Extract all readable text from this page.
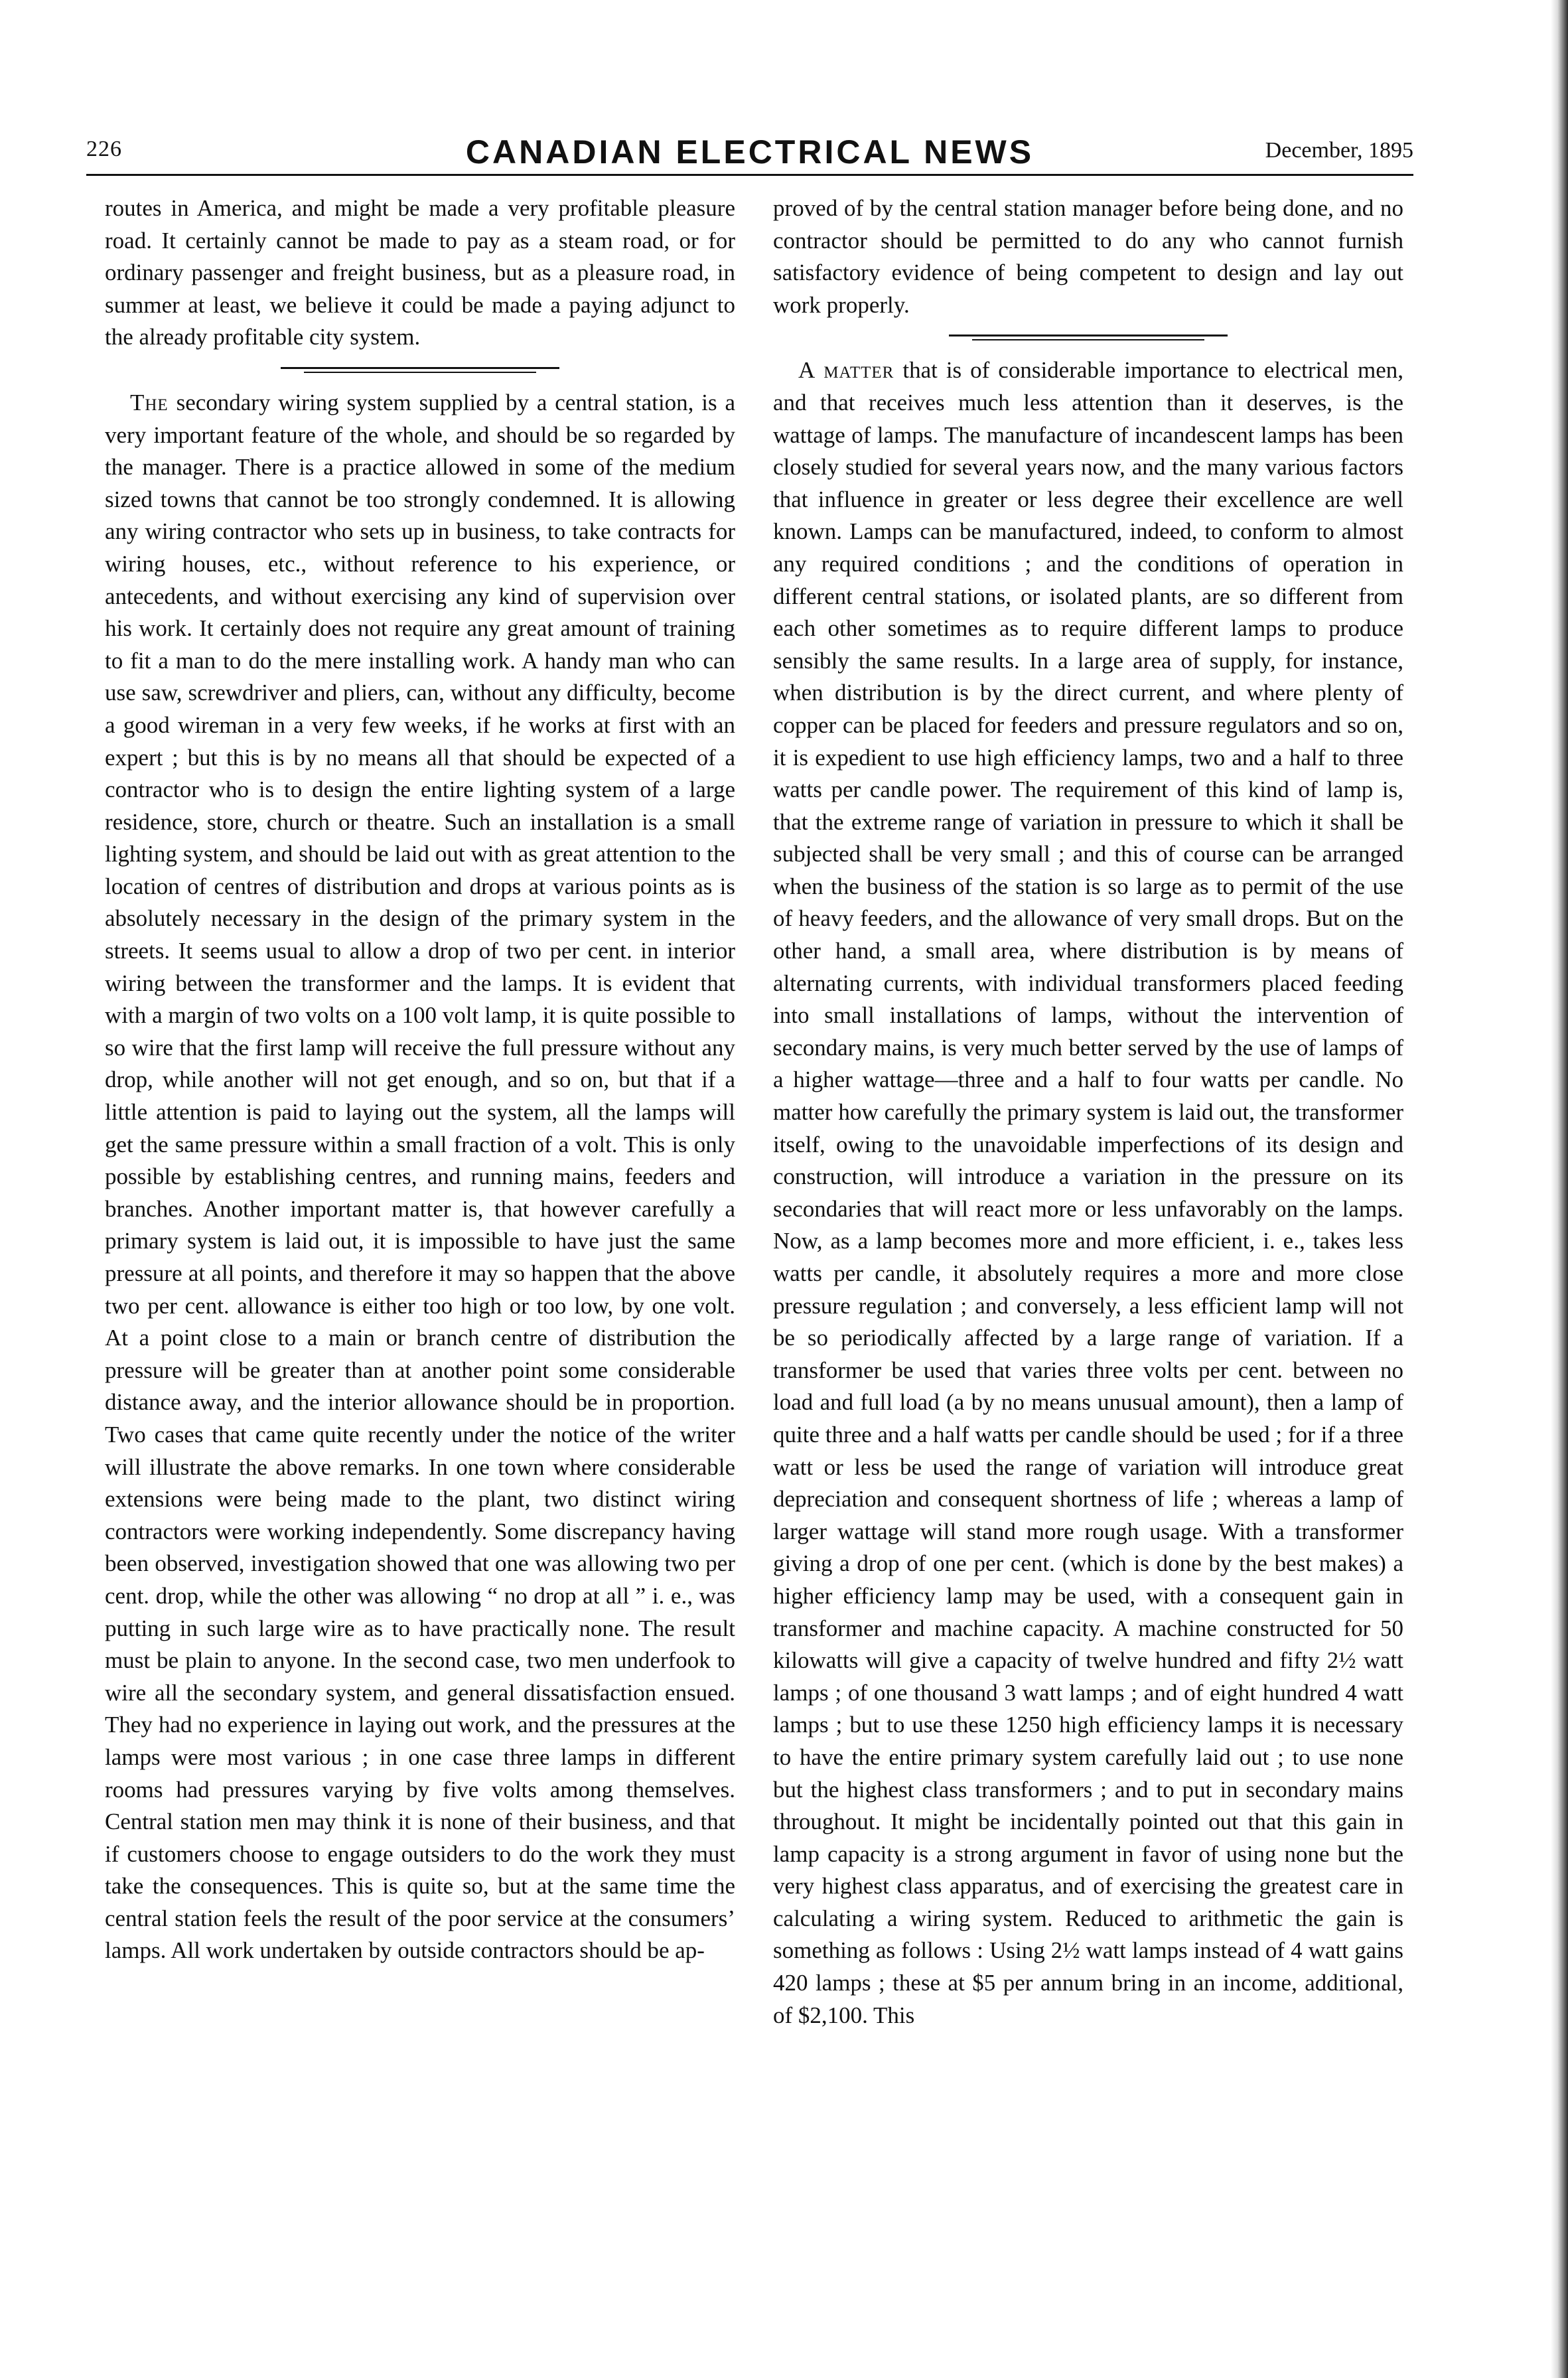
226	CANADIAN ELECTRICAL NEWS	December, 1895

routes in America, and might be made a very profitable pleasure road. It certainly cannot be made to pay as a steam road, or for ordinary passenger and freight business, but as a pleasure road, in summer at least, we believe it could be made a paying adjunct to the already profitable city system.

The secondary wiring system supplied by a central station, is a very important feature of the whole, and should be so regarded by the manager. There is a practice allowed in some of the medium sized towns that cannot be too strongly condemned. It is allowing any wiring contractor who sets up in business, to take contracts for wiring houses, etc., without reference to his experience, or antecedents, and without exercising any kind of supervision over his work. It certainly does not require any great amount of training to fit a man to do the mere installing work. A handy man who can use saw, screwdriver and pliers, can, without any difficulty, become a good wireman in a very few weeks, if he works at first with an expert ; but this is by no means all that should be expected of a contractor who is to design the entire lighting system of a large residence, store, church or theatre. Such an installation is a small lighting system, and should be laid out with as great attention to the location of centres of distribution and drops at various points as is absolutely necessary in the design of the primary system in the streets. It seems usual to allow a drop of two per cent. in interior wiring between the transformer and the lamps. It is evident that with a margin of two volts on a 100 volt lamp, it is quite possible to so wire that the first lamp will receive the full pressure without any drop, while another will not get enough, and so on, but that if a little attention is paid to laying out the system, all the lamps will get the same pressure within a small fraction of a volt. This is only possible by establishing centres, and running mains, feeders and branches. Another important matter is, that however carefully a primary system is laid out, it is impossible to have just the same pressure at all points, and therefore it may so happen that the above two per cent. allowance is either too high or too low, by one volt. At a point close to a main or branch centre of distribution the pressure will be greater than at another point some considerable distance away, and the interior allowance should be in proportion. Two cases that came quite recently under the notice of the writer will illustrate the above remarks. In one town where considerable extensions were being made to the plant, two distinct wiring contractors were working independently. Some discrepancy having been observed, investigation showed that one was allowing two per cent. drop, while the other was allowing “ no drop at all ” i. e., was putting in such large wire as to have practically none. The result must be plain to anyone. In the second case, two men underfook to wire all the secondary system, and general dissatisfaction ensued. They had no experience in laying out work, and the pressures at the lamps were most various ; in one case three lamps in different rooms had pressures varying by five volts among themselves. Central station men may think it is none of their business, and that if customers choose to engage outsiders to do the work they must take the consequences. This is quite so, but at the same time the central station feels the result of the poor service at the consumers’ lamps. All work undertaken by outside contractors should be ap-

proved of by the central station manager before being done, and no contractor should be permitted to do any who cannot furnish satisfactory evidence of being competent to design and lay out work properly.

A matter that is of considerable importance to electrical men, and that receives much less attention than it deserves, is the wattage of lamps. The manufacture of incandescent lamps has been closely studied for several years now, and the many various factors that influence in greater or less degree their excellence are well known. Lamps can be manufactured, indeed, to conform to almost any required conditions ; and the conditions of operation in different central stations, or isolated plants, are so different from each other sometimes as to require different lamps to produce sensibly the same results. In a large area of supply, for instance, when distribution is by the direct current, and where plenty of copper can be placed for feeders and pressure regulators and so on, it is expedient to use high efficiency lamps, two and a half to three watts per candle power. The requirement of this kind of lamp is, that the extreme range of variation in pressure to which it shall be subjected shall be very small ; and this of course can be arranged when the business of the station is so large as to permit of the use of heavy feeders, and the allowance of very small drops. But on the other hand, a small area, where distribution is by means of alternating currents, with individual transformers placed feeding into small installations of lamps, without the intervention of secondary mains, is very much better served by the use of lamps of a higher wattage—three and a half to four watts per candle. No matter how carefully the primary system is laid out, the transformer itself, owing to the unavoidable imperfections of its design and construction, will introduce a variation in the pressure on its secondaries that will react more or less unfavorably on the lamps. Now, as a lamp becomes more and more efficient, i. e., takes less watts per candle, it absolutely requires a more and more close pressure regulation ; and conversely, a less efficient lamp will not be so periodically affected by a large range of variation. If a transformer be used that varies three volts per cent. between no load and full load (a by no means unusual amount), then a lamp of quite three and a half watts per candle should be used ; for if a three watt or less be used the range of variation will introduce great depreciation and consequent shortness of life ; whereas a lamp of larger wattage will stand more rough usage. With a transformer giving a drop of one per cent. (which is done by the best makes) a higher efficiency lamp may be used, with a consequent gain in transformer and machine capacity. A machine constructed for 50 kilowatts will give a capacity of twelve hundred and fifty 2½ watt lamps ; of one thousand 3 watt lamps ; and of eight hundred 4 watt lamps ; but to use these 1250 high efficiency lamps it is necessary to have the entire primary system carefully laid out ; to use none but the highest class transformers ; and to put in secondary mains throughout. It might be incidentally pointed out that this gain in lamp capacity is a strong argument in favor of using none but the very highest class apparatus, and of exercising the greatest care in calculating a wiring system. Reduced to arithmetic the gain is something as follows : Using 2½ watt lamps instead of 4 watt gains 420 lamps ; these at $5 per annum bring in an income, additional, of $2,100. This
